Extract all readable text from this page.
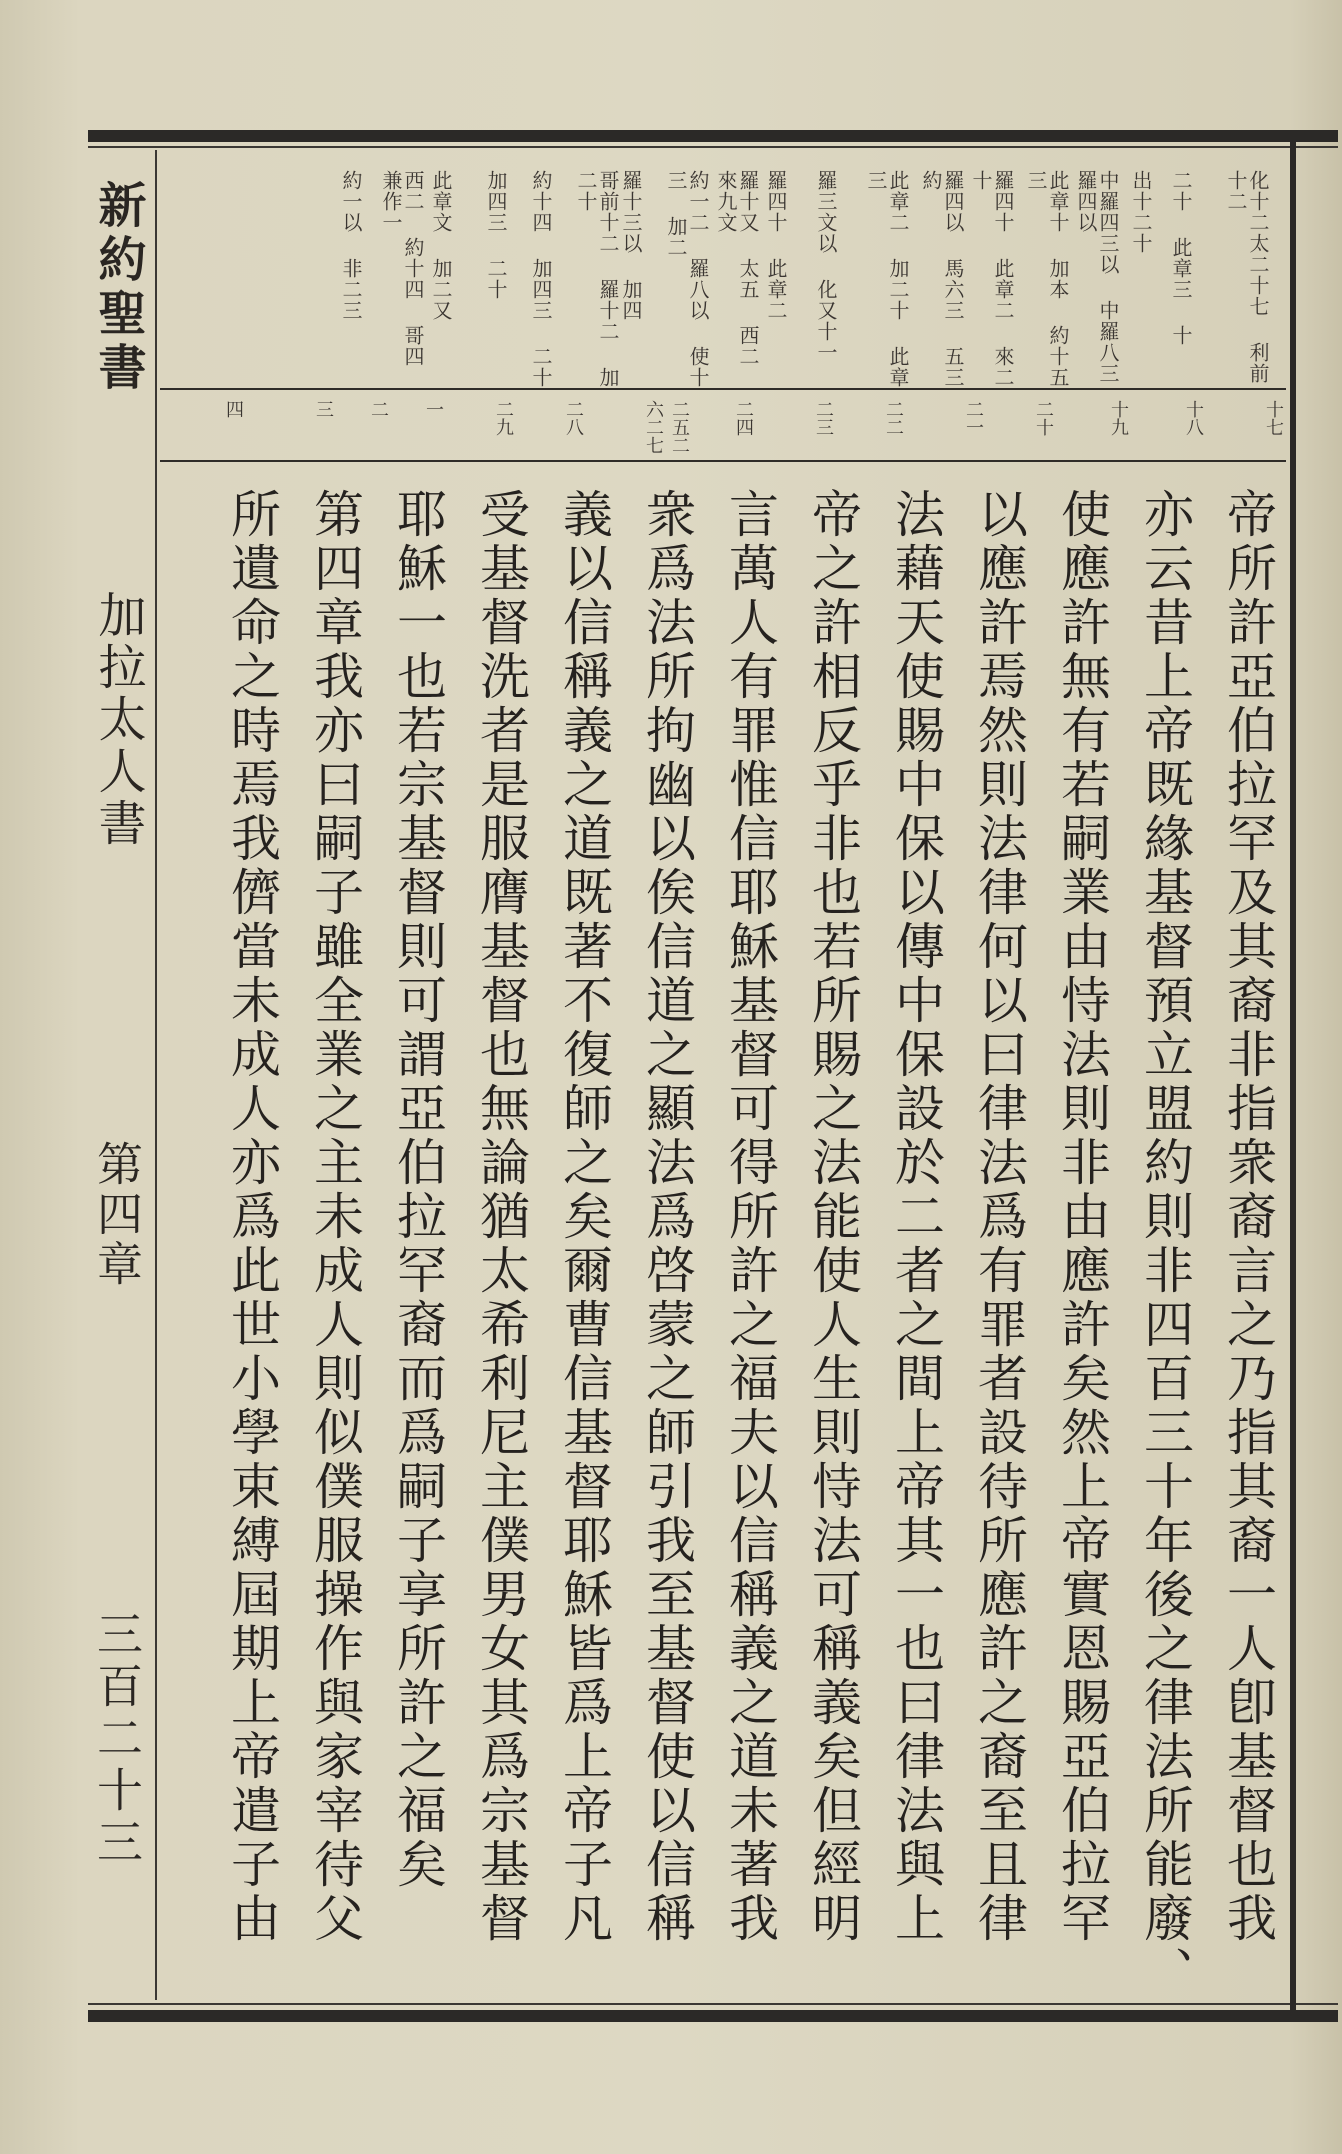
新約聖書
加拉太人書
第四章
三百二十三
化十二太二十七 利前十二
二十 此章三 十
出十二十
中羅四三以 中羅八三 羅四以
此章十 加本 約十五三
羅四十 此章二 來二十
羅四以 馬六三 五三 約
此章二 加二十 此章三
羅三文以 化又十一
羅四十 此章二
羅十又 太五 西二 來九文
約一二 羅八以 使十三 加二
羅十三以 加四
哥前十二 羅十二 加二十
約十四 加四三 二十
加四三 二十
此章文 加二又
西二 約十四 哥四 兼作一
約一以 非二三
十七
十八
十九
二十
二一
二二
二三
二四
二五二六二七
二八
二九
一
二
三
四
帝所許亞伯拉罕及其裔非指衆裔言之乃指其裔一人卽基督也我
亦云昔上帝既緣基督預立盟約則非四百三十年後之律法所能廢、
使應許無有若嗣業由恃法則非由應許矣然上帝實恩賜亞伯拉罕
以應許焉然則法律何以曰律法爲有罪者設待所應許之裔至且律
法藉天使賜中保以傳中保設於二者之間上帝其一也曰律法與上
帝之許相反乎非也若所賜之法能使人生則恃法可稱義矣但經明
言萬人有罪惟信耶穌基督可得所許之福夫以信稱義之道未著我
衆爲法所拘幽以俟信道之顯法爲啓蒙之師引我至基督使以信稱
義以信稱義之道既著不復師之矣爾曹信基督耶穌皆爲上帝子凡
受基督洗者是服膺基督也無論猶太希利尼主僕男女其爲宗基督
耶穌一也若宗基督則可謂亞伯拉罕裔而爲嗣子享所許之福矣
第四章我亦曰嗣子雖全業之主未成人則似僕服操作與家宰待父
所遺命之時焉我儕當未成人亦爲此世小學束縛屆期上帝遣子由
